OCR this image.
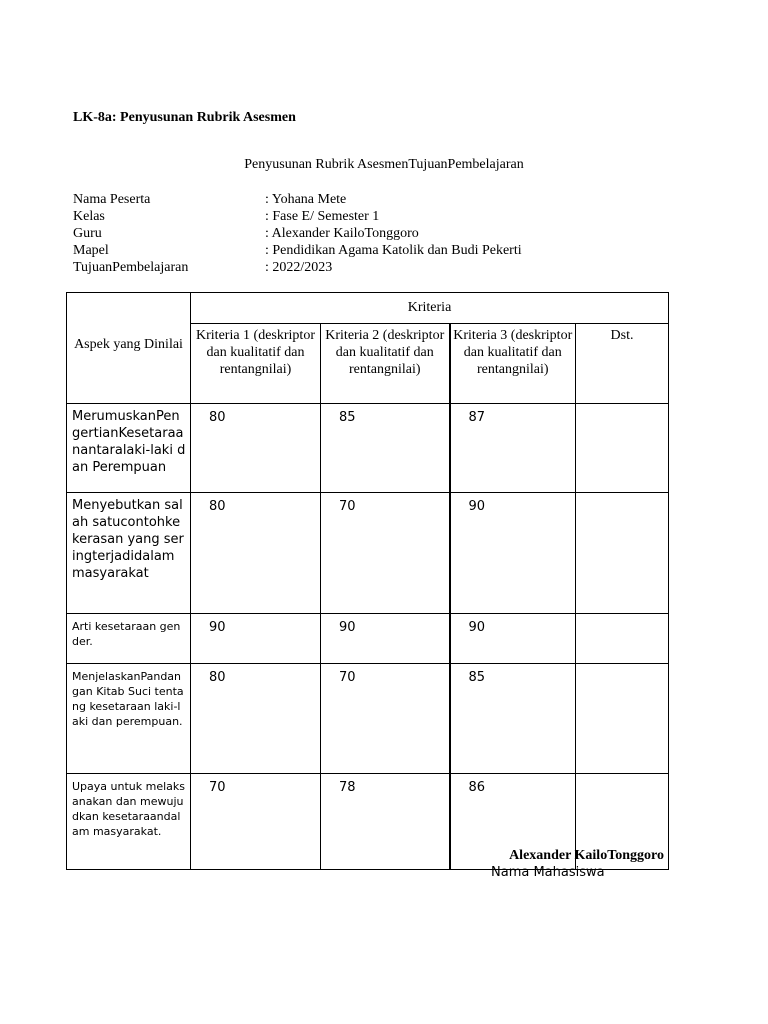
LK-8a: Penyusunan Rubrik Asesmen
Penyusunan Rubrik AsesmenTujuanPembelajaran
Nama Peserta	: Yohana Mete
Kelas	: Fase E/ Semester 1
Guru	: Alexander KailoTonggoro
Mapel	: Pendidikan Agama Katolik dan Budi Pekerti
TujuanPembelajaran	: 2022/2023
Aspek yang Dinilai	Kriteria			
	Kriteria 1 (deskriptor dan kualitatif dan rentangnilai)	Kriteria 2 (deskriptor dan kualitatif dan rentangnilai)	Kriteria 3 (deskriptor dan kualitatif dan rentangnilai)	Dst.
MerumuskanPengertianKesetaraanantaralaki-laki dan Perempuan	80	85	87	
Menyebutkan salah satucontohkekerasan yang seringterjadidalammasyarakat	80	70	90	
Arti kesetaraan gender.	90	90	90	
MenjelaskanPandangan Kitab Suci tentang kesetaraan laki-laki dan perempuan.	80	70	85	
Upaya untuk melaksanakan dan mewujudkan kesetaraandalam masyarakat.	70	78	86	
Alexander KailoTonggoro
Nama Mahasiswa
